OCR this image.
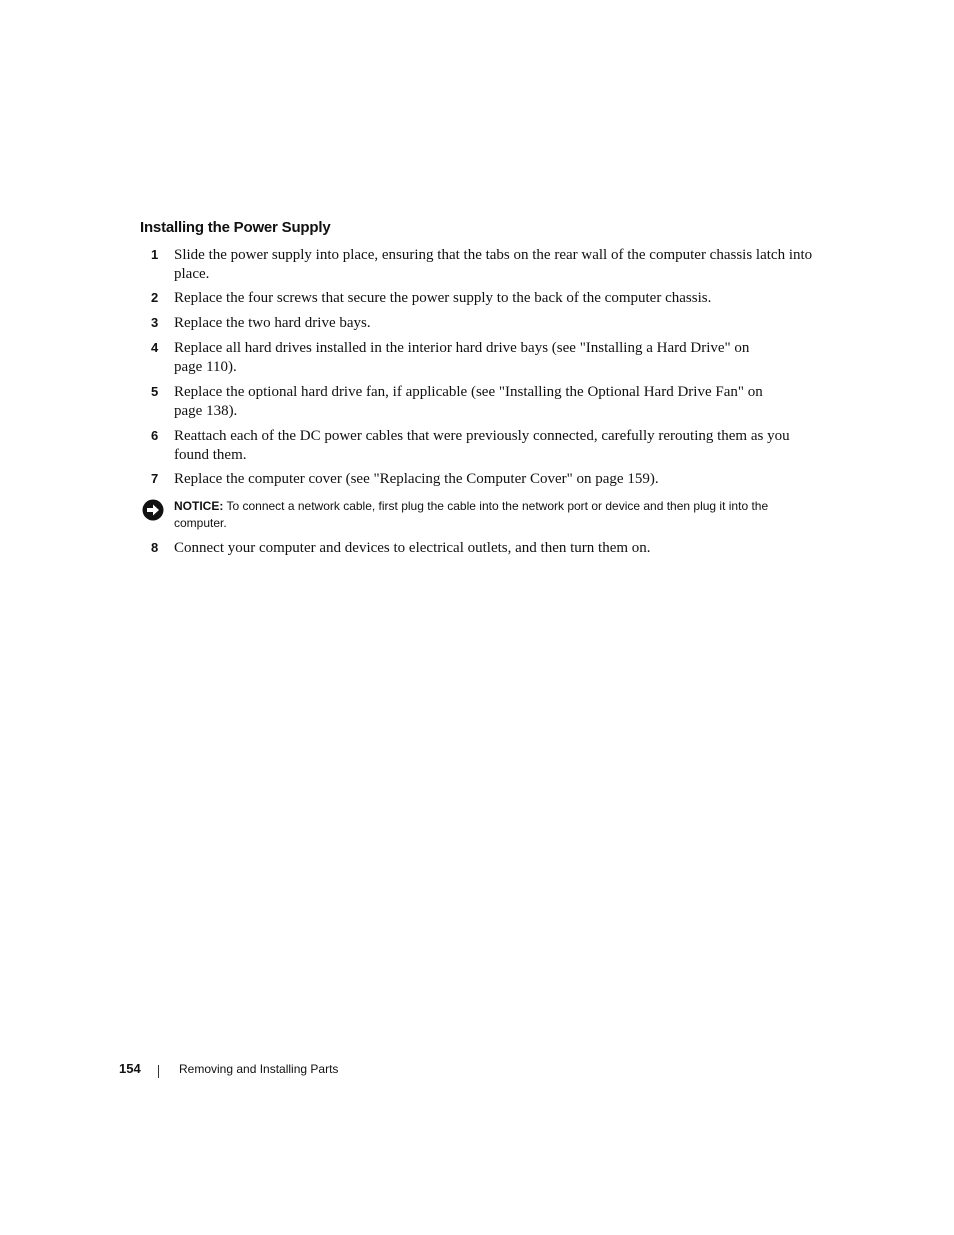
Installing the Power Supply
1 Slide the power supply into place, ensuring that the tabs on the rear wall of the computer chassis latch into place.
2 Replace the four screws that secure the power supply to the back of the computer chassis.
3 Replace the two hard drive bays.
4 Replace all hard drives installed in the interior hard drive bays (see "Installing a Hard Drive" on page 110).
5 Replace the optional hard drive fan, if applicable (see "Installing the Optional Hard Drive Fan" on page 138).
6 Reattach each of the DC power cables that were previously connected, carefully rerouting them as you found them.
7 Replace the computer cover (see "Replacing the Computer Cover" on page 159).
NOTICE: To connect a network cable, first plug the cable into the network port or device and then plug it into the computer.
8 Connect your computer and devices to electrical outlets, and then turn them on.
154	Removing and Installing Parts
